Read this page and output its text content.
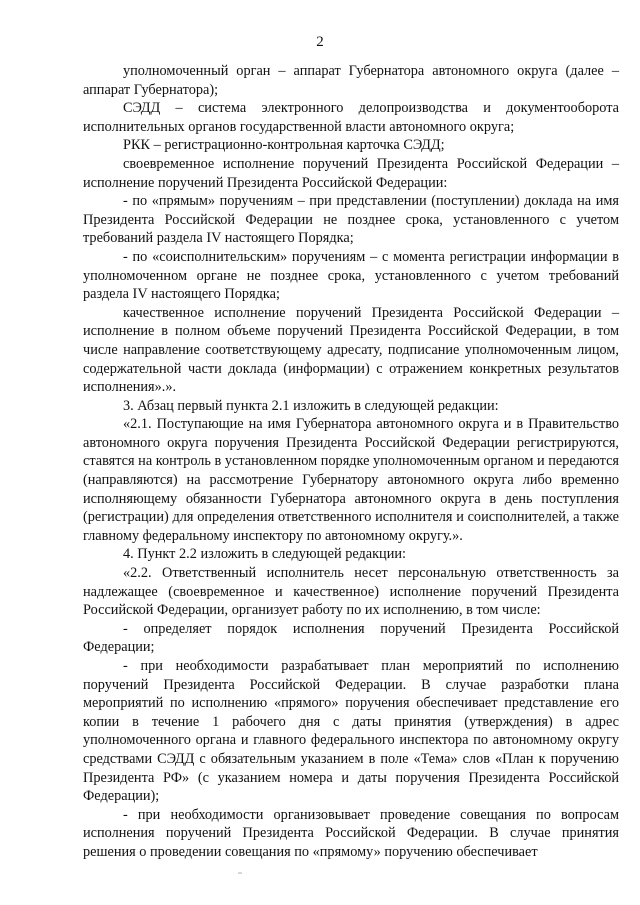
2

уполномоченный орган – аппарат Губернатора автономного округа (далее – аппарат Губернатора);

СЭДД – система электронного делопроизводства и документооборота исполнительных органов государственной власти автономного округа;

РКК – регистрационно-контрольная карточка СЭДД;

своевременное исполнение поручений Президента Российской Федерации – исполнение поручений Президента Российской Федерации:

- по «прямым» поручениям – при представлении (поступлении) доклада на имя Президента Российской Федерации не позднее срока, установленного с учетом требований раздела IV настоящего Порядка;

- по «соисполнительским» поручениям – с момента регистрации информации в уполномоченном органе не позднее срока, установленного с учетом требований раздела IV настоящего Порядка;

качественное исполнение поручений Президента Российской Федерации – исполнение в полном объеме поручений Президента Российской Федерации, в том числе направление соответствующему адресату, подписание уполномоченным лицом, содержательной части доклада (информации) с отражением конкретных результатов исполнения».».

3. Абзац первый пункта 2.1 изложить в следующей редакции:

«2.1. Поступающие на имя Губернатора автономного округа и в Правительство автономного округа поручения Президента Российской Федерации регистрируются, ставятся на контроль в установленном порядке уполномоченным органом и передаются (направляются) на рассмотрение Губернатору автономного округа либо временно исполняющему обязанности Губернатора автономного округа в день поступления (регистрации) для определения ответственного исполнителя и соисполнителей, а также главному федеральному инспектору по автономному округу.».

4. Пункт 2.2 изложить в следующей редакции:

«2.2. Ответственный исполнитель несет персональную ответственность за надлежащее (своевременное и качественное) исполнение поручений Президента Российской Федерации, организует работу по их исполнению, в том числе:

- определяет порядок исполнения поручений Президента Российской Федерации;

- при необходимости разрабатывает план мероприятий по исполнению поручений Президента Российской Федерации. В случае разработки плана мероприятий по исполнению «прямого» поручения обеспечивает представление его копии в течение 1 рабочего дня с даты принятия (утверждения) в адрес уполномоченного органа и главного федерального инспектора по автономному округу средствами СЭДД с обязательным указанием в поле «Тема» слов «План к поручению Президента РФ» (с указанием номера и даты поручения Президента Российской Федерации);

- при необходимости организовывает проведение совещания по вопросам исполнения поручений Президента Российской Федерации. В случае принятия решения о проведении совещания по «прямому» поручению обеспечивает
